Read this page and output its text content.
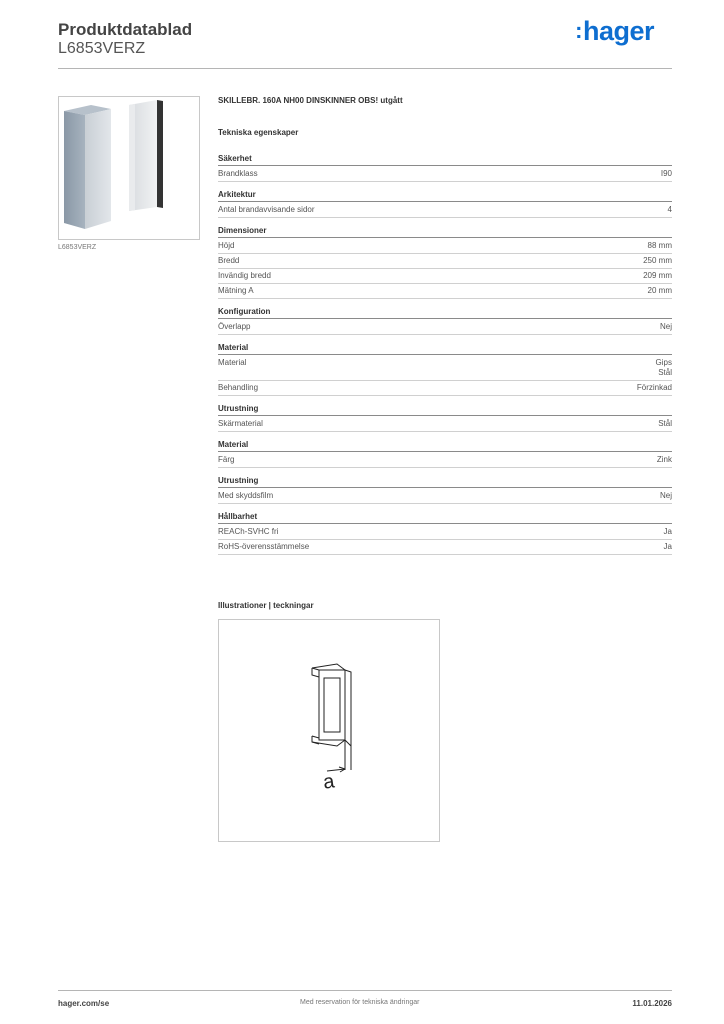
Produktdatablad
L6853VERZ
:hager
L6853VERZ
SKILLEBR. 160A NH00 DINSKINNER OBS! utgått
Tekniska egenskaper
Säkerhet
Brandklass	I90
Arkitektur
Antal brandavvisande sidor	4
Dimensioner
Höjd	88 mm
Bredd	250 mm
Invändig bredd	209 mm
Mätning A	20 mm
Konfiguration
Överlapp	Nej
Material
Material	Gips
Stål
Behandling	Förzinkad
Utrustning
Skärmaterial	Stål
Material
Färg	Zink
Utrustning
Med skyddsfilm	Nej
Hållbarhet
REACh-SVHC fri	Ja
RoHS-överensstämmelse	Ja
Illustrationer | teckningar
a
hager.com/se	Med reservation för tekniska ändringar	11.01.2026
